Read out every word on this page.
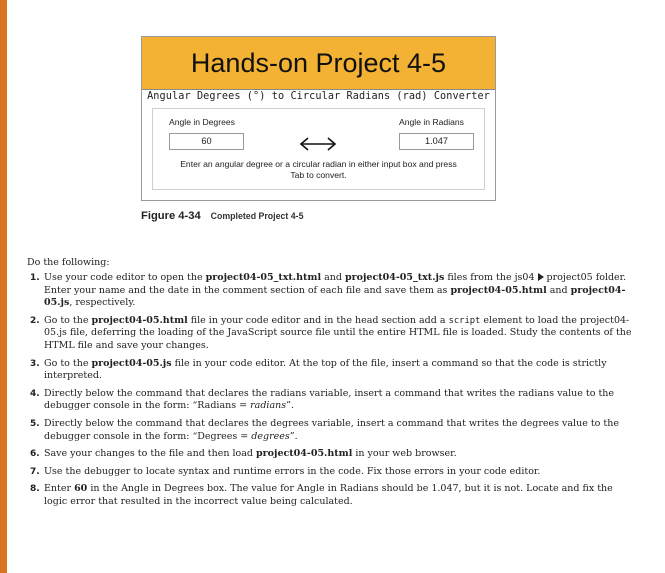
Hands-on Project 4-5
Angular Degrees (°) to Circular Radians (rad) Converter
Angle in Degrees
60
Angle in Radians
1.047
Enter an angular degree or a circular radian in either input box and press Tab to convert.
Figure 4-34 Completed Project 4-5
Do the following:
1. Use your code editor to open the project04-05_txt.html and project04-05_txt.js files from the js04  project05 folder. Enter your name and the date in the comment section of each file and save them as project04-05.html and project04-05.js, respectively.
2. Go to the project04-05.html file in your code editor and in the head section add a script element to load the project04-05.js file, deferring the loading of the JavaScript source file until the entire HTML file is loaded. Study the contents of the HTML file and save your changes.
3. Go to the project04-05.js file in your code editor. At the top of the file, insert a command so that the code is strictly interpreted.
4. Directly below the command that declares the radians variable, insert a command that writes the radians value to the debugger console in the form: “Radians = radians”.
5. Directly below the command that declares the degrees variable, insert a command that writes the degrees value to the debugger console in the form: “Degrees = degrees”.
6. Save your changes to the file and then load project04-05.html in your web browser.
7. Use the debugger to locate syntax and runtime errors in the code. Fix those errors in your code editor.
8. Enter 60 in the Angle in Degrees box. The value for Angle in Radians should be 1.047, but it is not. Locate and fix the logic error that resulted in the incorrect value being calculated.
